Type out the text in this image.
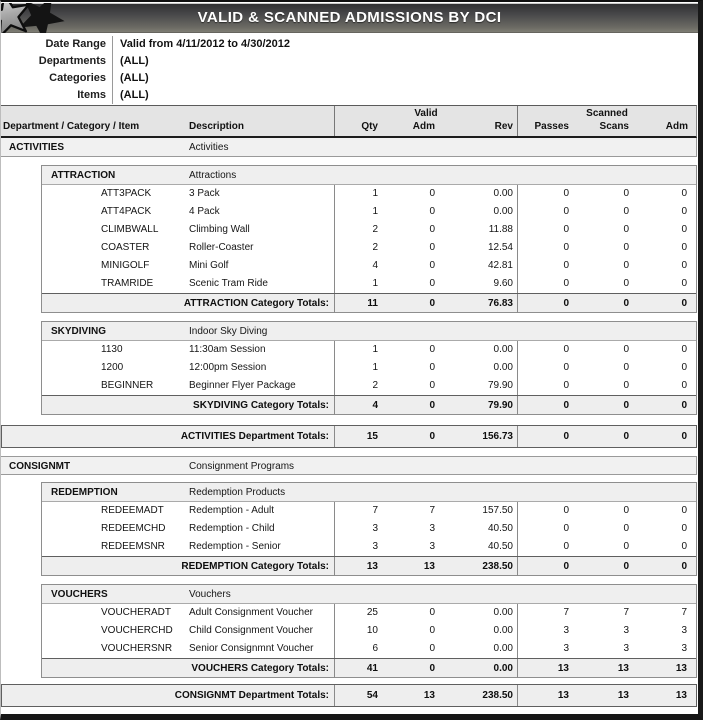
VALID & SCANNED ADMISSIONS BY DCI
Date Range	Valid from 4/11/2012 to 4/30/2012
Departments	(ALL)
Categories	(ALL)
Items	(ALL)
Valid	Scanned
Department / Category / Item	Description	Qty	Adm	Rev	Passes	Scans	Adm
ACTIVITIES	Activities
ATTRACTION	Attractions
ATT3PACK	3 Pack	1	0	0.00	0	0	0
ATT4PACK	4 Pack	1	0	0.00	0	0	0
CLIMBWALL	Climbing Wall	2	0	11.88	0	0	0
COASTER	Roller-Coaster	2	0	12.54	0	0	0
MINIGOLF	Mini Golf	4	0	42.81	0	0	0
TRAMRIDE	Scenic Tram Ride	1	0	9.60	0	0	0
ATTRACTION Category Totals:	11	0	76.83	0	0	0
SKYDIVING	Indoor Sky Diving
1130	11:30am Session	1	0	0.00	0	0	0
1200	12:00pm Session	1	0	0.00	0	0	0
BEGINNER	Beginner Flyer Package	2	0	79.90	0	0	0
SKYDIVING Category Totals:	4	0	79.90	0	0	0
ACTIVITIES Department Totals:	15	0	156.73	0	0	0
CONSIGNMT	Consignment Programs
REDEMPTION	Redemption Products
REDEEMADT	Redemption - Adult	7	7	157.50	0	0	0
REDEEMCHD	Redemption - Child	3	3	40.50	0	0	0
REDEEMSNR	Redemption - Senior	3	3	40.50	0	0	0
REDEMPTION Category Totals:	13	13	238.50	0	0	0
VOUCHERS	Vouchers
VOUCHERADT	Adult Consignment Voucher	25	0	0.00	7	7	7
VOUCHERCHD	Child Consignment Voucher	10	0	0.00	3	3	3
VOUCHERSNR	Senior Consignmnt Voucher	6	0	0.00	3	3	3
VOUCHERS Category Totals:	41	0	0.00	13	13	13
CONSIGNMT Department Totals:	54	13	238.50	13	13	13
